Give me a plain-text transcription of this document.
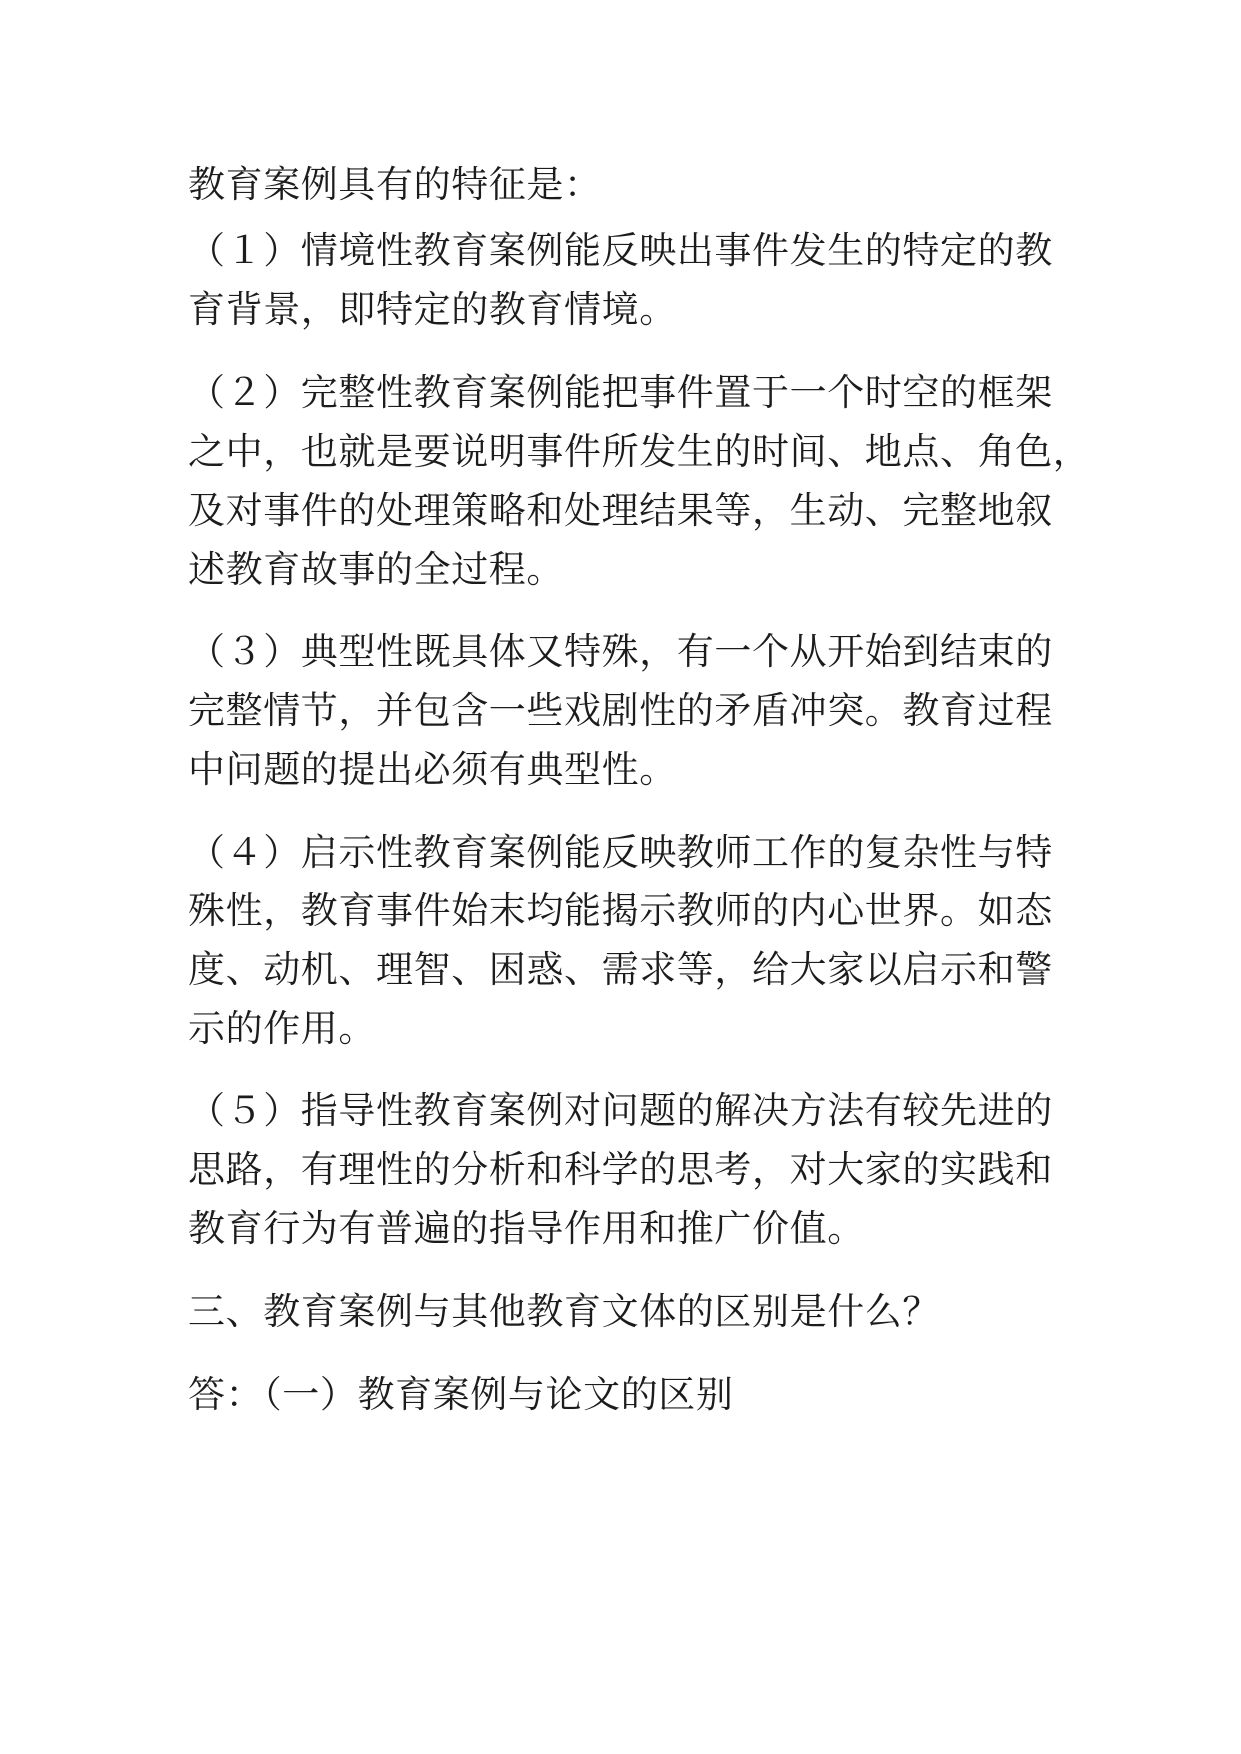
教育案例具有的特征是：
（１）情境性教育案例能反映出事件发生的特定的教
育背景，即特定的教育情境。
（２）完整性教育案例能把事件置于一个时空的框架
之中，也就是要说明事件所发生的时间、地点、角色，
及对事件的处理策略和处理结果等，生动、完整地叙
述教育故事的全过程。
（３）典型性既具体又特殊，有一个从开始到结束的
完整情节，并包含一些戏剧性的矛盾冲突。教育过程
中问题的提出必须有典型性。
（４）启示性教育案例能反映教师工作的复杂性与特
殊性，教育事件始末均能揭示教师的内心世界。如态
度、动机、理智、困惑、需求等，给大家以启示和警
示的作用。
（５）指导性教育案例对问题的解决方法有较先进的
思路，有理性的分析和科学的思考，对大家的实践和
教育行为有普遍的指导作用和推广价值。
三、教育案例与其他教育文体的区别是什么？
答：（一）教育案例与论文的区别
